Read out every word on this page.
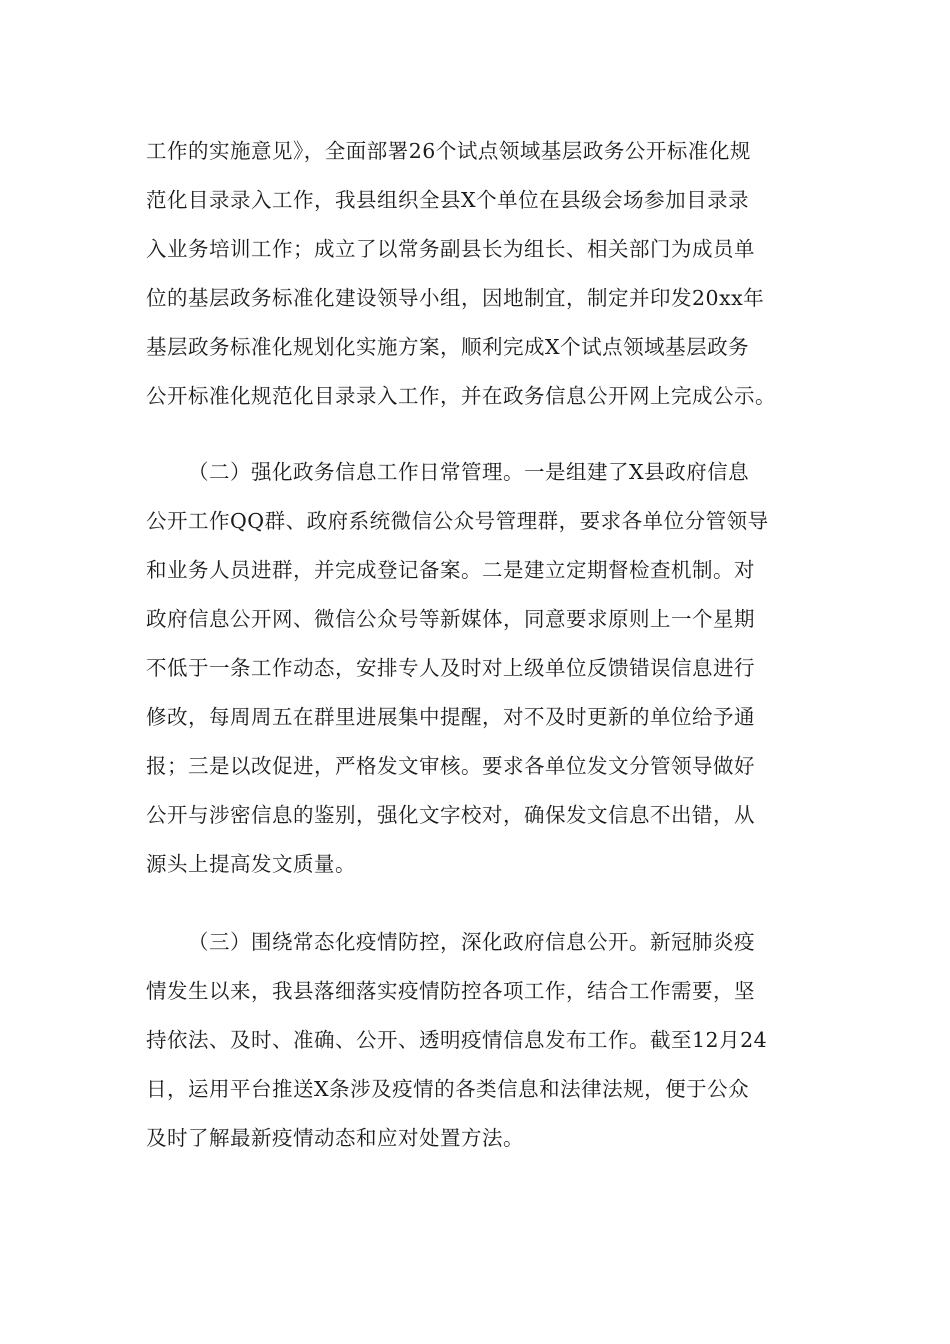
工作的实施意见》，全面部署26个试点领域基层政务公开标准化规
范化目录录入工作，我县组织全县X个单位在县级会场参加目录录
入业务培训工作；成立了以常务副县长为组长、相关部门为成员单
位的基层政务标准化建设领导小组，因地制宜，制定并印发20xx年
基层政务标准化规划化实施方案，顺利完成X个试点领域基层政务
公开标准化规范化目录录入工作，并在政务信息公开网上完成公示。
（二）强化政务信息工作日常管理。一是组建了X县政府信息
公开工作QQ群、政府系统微信公众号管理群，要求各单位分管领导
和业务人员进群，并完成登记备案。二是建立定期督检查机制。对
政府信息公开网、微信公众号等新媒体，同意要求原则上一个星期
不低于一条工作动态，安排专人及时对上级单位反馈错误信息进行
修改，每周周五在群里进展集中提醒，对不及时更新的单位给予通
报；三是以改促进，严格发文审核。要求各单位发文分管领导做好
公开与涉密信息的鉴别，强化文字校对，确保发文信息不出错，从
源头上提高发文质量。
（三）围绕常态化疫情防控，深化政府信息公开。新冠肺炎疫
情发生以来，我县落细落实疫情防控各项工作，结合工作需要，坚
持依法、及时、准确、公开、透明疫情信息发布工作。截至12月24
日，运用平台推送X条涉及疫情的各类信息和法律法规，便于公众
及时了解最新疫情动态和应对处置方法。
